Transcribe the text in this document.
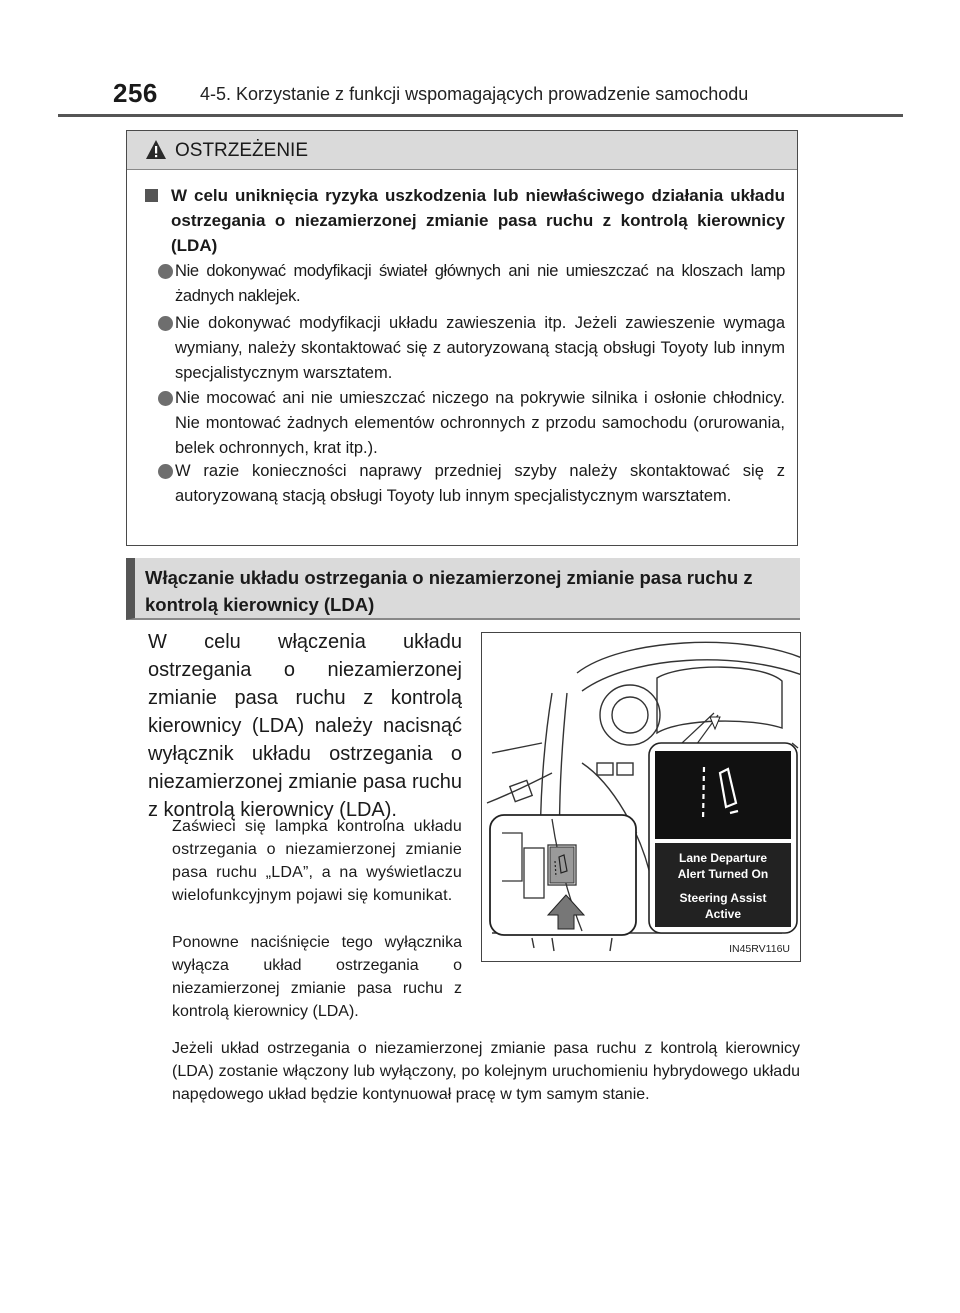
256 4-5. Korzystanie z funkcji wspomagających prowadzenie samochodu
OSTRZEŻENIE
W celu uniknięcia ryzyka uszkodzenia lub niewłaściwego działania układu ostrzegania o niezamierzonej zmianie pasa ruchu z kontrolą kierownicy (LDA)
Nie dokonywać modyfikacji świateł głównych ani nie umieszczać na kloszach lamp żadnych naklejek.
Nie dokonywać modyfikacji układu zawieszenia itp. Jeżeli zawieszenie wymaga wymiany, należy skontaktować się z autoryzowaną stacją obsługi Toyoty lub innym specjalistycznym warsztatem.
Nie mocować ani nie umieszczać niczego na pokrywie silnika i osłonie chłodnicy. Nie montować żadnych elementów ochronnych z przodu samochodu (orurowania, belek ochronnych, krat itp.).
W razie konieczności naprawy przedniej szyby należy skontaktować się z autoryzowaną stacją obsługi Toyoty lub innym specjalistycznym warsztatem.
Włączanie układu ostrzegania o niezamierzonej zmianie pasa ruchu z kontrolą kierownicy (LDA)
W celu włączenia układu ostrzegania o niezamierzonej zmianie pasa ruchu z kontrolą kierownicy (LDA) należy nacisnąć wyłącznik układu ostrzegania o niezamierzonej zmianie pasa ruchu z kontrolą kierownicy (LDA).
Zaświeci się lampka kontrolna układu ostrzegania o niezamierzonej zmianie pasa ruchu „LDA”, a na wyświetlaczu wielofunkcyjnym pojawi się komunikat.
Ponowne naciśnięcie tego wyłącznika wyłącza układ ostrzegania o niezamierzonej zmianie pasa ruchu z kontrolą kierownicy (LDA).
Jeżeli układ ostrzegania o niezamierzonej zmianie pasa ruchu z kontrolą kierownicy (LDA) zostanie włączony lub wyłączony, po kolejnym uruchomieniu hybrydowego układu napędowego układ będzie kontynuował pracę w tym samym stanie.
Lane Departure
Alert Turned On
Steering Assist
Active
IN45RV116U
